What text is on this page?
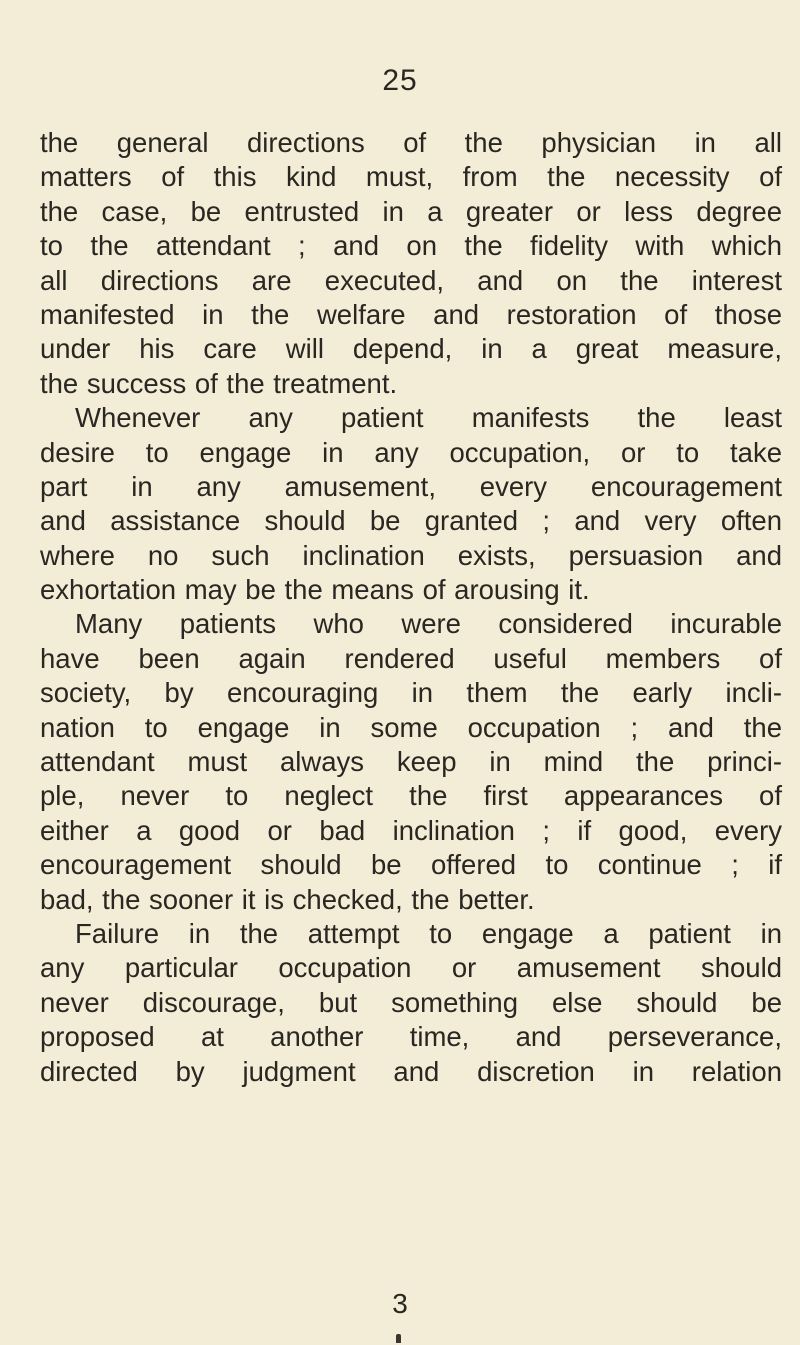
25
the general directions of the physician in all
matters of this kind must, from the necessity of
the case, be entrusted in a greater or less degree
to the attendant ; and on the fidelity with which
all directions are executed, and on the interest
manifested in the welfare and restoration of those
under his care will depend, in a great measure,
the success of the treatment.
Whenever any patient manifests the least
desire to engage in any occupation, or to take
part in any amusement, every encouragement
and assistance should be granted ; and very often
where no such inclination exists, persuasion and
exhortation may be the means of arousing it.
Many patients who were considered incurable
have been again rendered useful members of
society, by encouraging in them the early incli-
nation to engage in some occupation ; and the
attendant must always keep in mind the princi-
ple, never to neglect the first appearances of
either a good or bad inclination ; if good, every
encouragement should be offered to continue ; if
bad, the sooner it is checked, the better.
Failure in the attempt to engage a patient in
any particular occupation or amusement should
never discourage, but something else should be
proposed at another time, and perseverance,
directed by judgment and discretion in relation
3
